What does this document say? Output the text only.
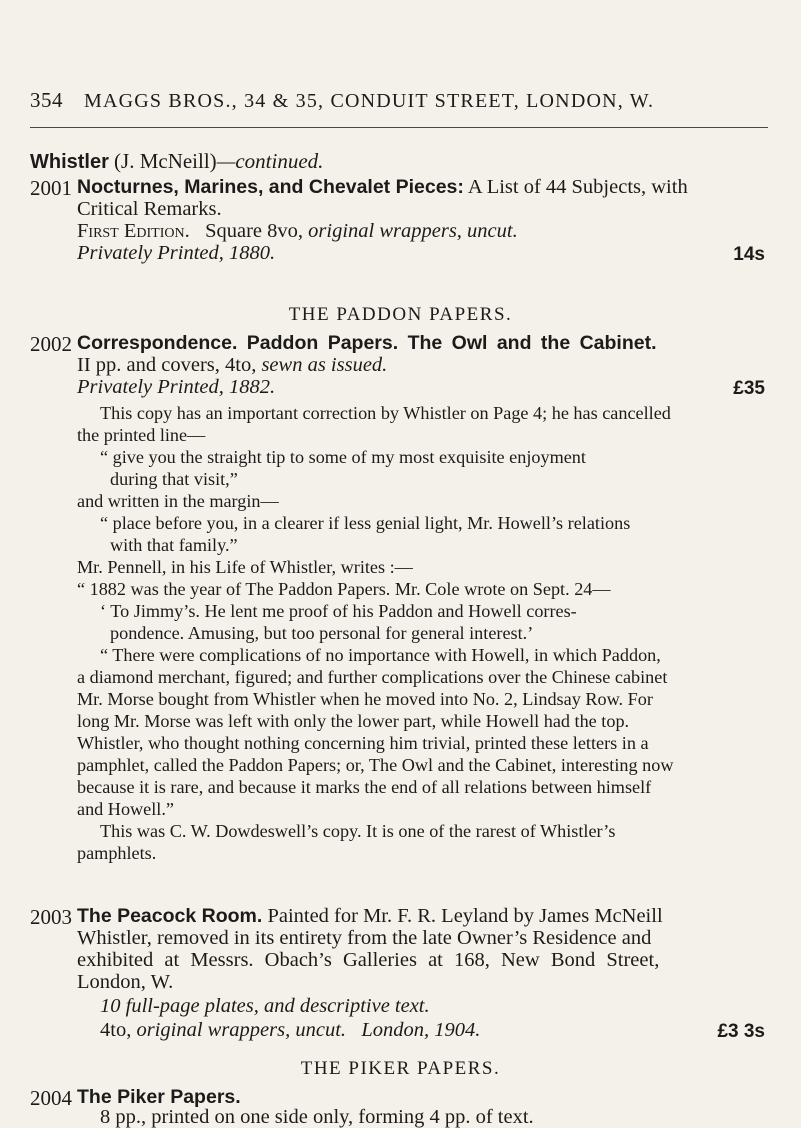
354 MAGGS BROS., 34 & 35, CONDUIT STREET, LONDON, W.
Whistler (J. McNeill)—continued.
2001 Nocturnes, Marines, and Chevalet Pieces: A List of 44 Subjects, with
Critical Remarks.
First Edition. Square 8vo, original wrappers, uncut.
Privately Printed, 1880.	14s
THE PADDON PAPERS.
2002 Correspondence. Paddon Papers. The Owl and the Cabinet.
II pp. and covers, 4to, sewn as issued.
Privately Printed, 1882.	£35
This copy has an important correction by Whistler on Page 4; he has cancelled
the printed line—
“ give you the straight tip to some of my most exquisite enjoyment
during that visit,”
and written in the margin—
“ place before you, in a clearer if less genial light, Mr. Howell’s relations
with that family.”
Mr. Pennell, in his Life of Whistler, writes :—
“ 1882 was the year of The Paddon Papers. Mr. Cole wrote on Sept. 24—
‘ To Jimmy’s. He lent me proof of his Paddon and Howell corres-
pondence. Amusing, but too personal for general interest.’
“ There were complications of no importance with Howell, in which Paddon,
a diamond merchant, figured; and further complications over the Chinese cabinet
Mr. Morse bought from Whistler when he moved into No. 2, Lindsay Row. For
long Mr. Morse was left with only the lower part, while Howell had the top.
Whistler, who thought nothing concerning him trivial, printed these letters in a
pamphlet, called the Paddon Papers; or, The Owl and the Cabinet, interesting now
because it is rare, and because it marks the end of all relations between himself
and Howell.”
This was C. W. Dowdeswell’s copy. It is one of the rarest of Whistler’s
pamphlets.
2003 The Peacock Room. Painted for Mr. F. R. Leyland by James McNeill
Whistler, removed in its entirety from the late Owner’s Residence and
exhibited at Messrs. Obach’s Galleries at 168, New Bond Street,
London, W.
10 full-page plates, and descriptive text.
4to, original wrappers, uncut. London, 1904.	£3 3s
THE PIKER PAPERS.
2004 The Piker Papers.
8 pp., printed on one side only, forming 4 pp. of text.
